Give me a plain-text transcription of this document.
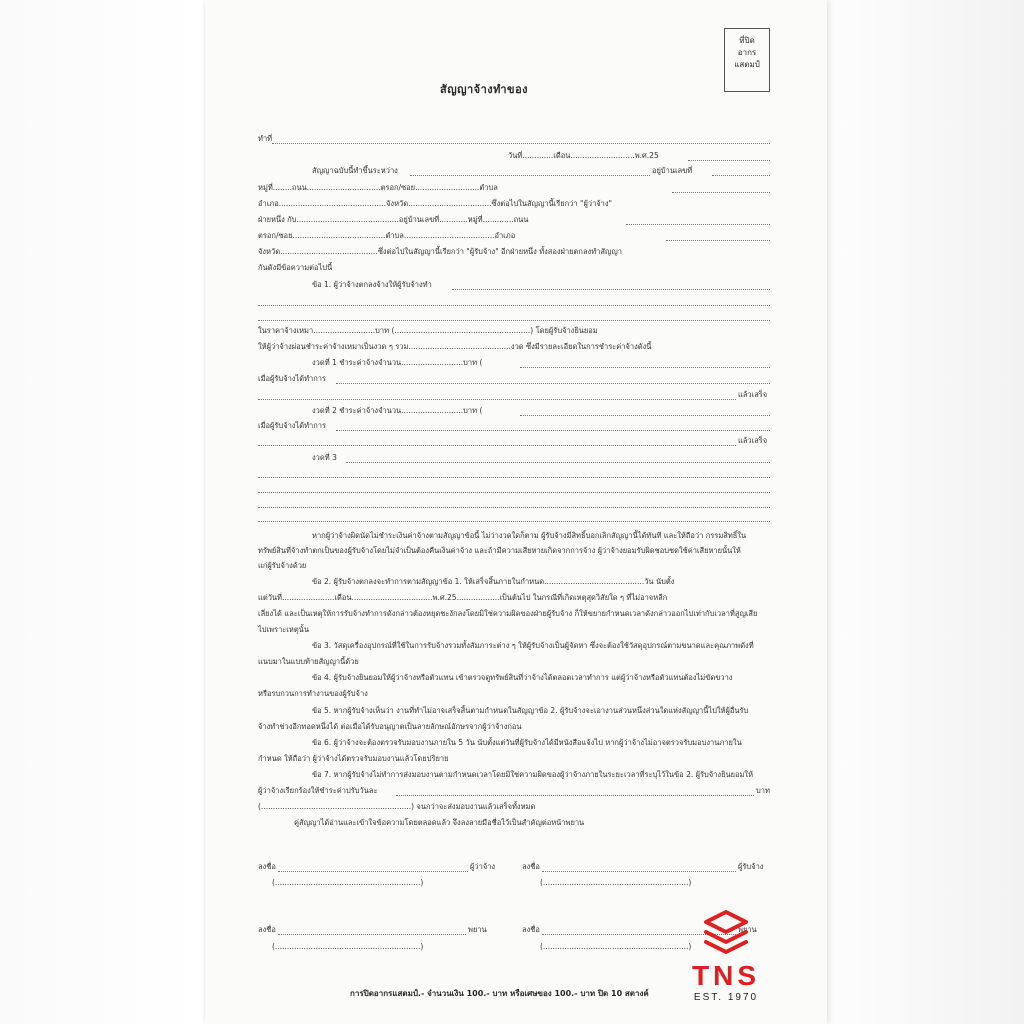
ที่ปิด
อากร
แสตมป์
สัญญาจ้างทำของ
ทำที่
วันที่.............เดือน...........................พ.ศ.25
สัญญาฉบับนี้ทำขึ้นระหว่าง	อยู่บ้านเลขที่
หมู่ที่........ถนน...............................ตรอก/ซอย...........................ตำบล
อำเภอ.............................................จังหวัด...................................ซึ่งต่อไปในสัญญานี้เรียกว่า "ผู้ว่าจ้าง"
ฝ่ายหนึ่ง กับ...........................................อยู่บ้านเลขที่............หมู่ที่.............ถนน
ตรอก/ซอย.......................................ตำบล......................................อำเภอ
จังหวัด.........................................ซึ่งต่อไปในสัญญานี้เรียกว่า "ผู้รับจ้าง" อีกฝ่ายหนึ่ง ทั้งสองฝ่ายตกลงทำสัญญา
กันดังมีข้อความต่อไปนี้
ข้อ 1. ผู้ว่าจ้างตกลงจ้างให้ผู้รับจ้างทำ
ในราคาจ้างเหมา..........................บาท (.........................................................) โดยผู้รับจ้างยินยอม
ให้ผู้ว่าจ้างผ่อนชำระค่าจ้างเหมาเป็นงวด ๆ รวม...........................................งวด ซึ่งมีรายละเอียดในการชำระค่าจ้างดังนี้
งวดที่ 1 ชำระค่าจ้างจำนวน..........................บาท (
เมื่อผู้รับจ้างได้ทำการ
แล้วเสร็จ
งวดที่ 2 ชำระค่าจ้างจำนวน..........................บาท (
เมื่อผู้รับจ้างได้ทำการ
แล้วเสร็จ
งวดที่ 3
หากผู้ว่าจ้างผิดนัดไม่ชำระเงินค่าจ้างตามสัญญาข้อนี้ ไม่ว่างวดใดก็ตาม ผู้รับจ้างมีสิทธิ์บอกเลิกสัญญานี้ได้ทันที และให้ถือว่า กรรมสิทธิ์ใน
ทรัพย์สินที่จ้างทำตกเป็นของผู้รับจ้างโดยไม่จำเป็นต้องคืนเงินค่าจ้าง และถ้ามีความเสียหายเกิดจากการจ้าง ผู้ว่าจ้างยอมรับผิดชอบชดใช้ค่าเสียหายนั้นให้
แก่ผู้รับจ้างด้วย
ข้อ 2. ผู้รับจ้างตกลงจะทำการตามสัญญาข้อ 1. ให้เสร็จสิ้นภายในกำหนด..........................................วัน นับตั้ง
แต่วันที่......................เดือน..................................พ.ศ.25..................เป็นต้นไป ในกรณีที่เกิดเหตุสุดวิสัยใด ๆ ที่ไม่อาจหลีก
เลี่ยงได้ และเป็นเหตุให้การรับจ้างทำการดังกล่าวต้องหยุดชะงักลงโดยมิใช่ความผิดของฝ่ายผู้รับจ้าง ก็ให้ขยายกำหนดเวลาดังกล่าวออกไปเท่ากับเวลาที่สูญเสีย
ไปเพราะเหตุนั้น
ข้อ 3. วัสดุเครื่องอุปกรณ์ที่ใช้ในการรับจ้างรวมทั้งสัมภาระต่าง ๆ ให้ผู้รับจ้างเป็นผู้จัดหา ซึ่งจะต้องใช้วัสดุอุปกรณ์ตามขนาดและคุณภาพดังที่
แนบมาในแบบท้ายสัญญานี้ด้วย
ข้อ 4. ผู้รับจ้างยินยอมให้ผู้ว่าจ้างหรือตัวแทน เข้าตรวจดูทรัพย์สินที่ว่าจ้างได้ตลอดเวลาทำการ แต่ผู้ว่าจ้างหรือตัวแทนต้องไม่ขัดขวาง
หรือรบกวนการทำงานของผู้รับจ้าง
ข้อ 5. หากผู้รับจ้างเห็นว่า งานที่ทำไม่อาจเสร็จสิ้นตามกำหนดในสัญญาข้อ 2. ผู้รับจ้างจะเอางานส่วนหนึ่งส่วนใดแห่งสัญญานี้ไปให้ผู้อื่นรับ
จ้างทำช่วงอีกทอดหนึ่งได้ ต่อเมื่อได้รับอนุญาตเป็นลายลักษณ์อักษรจากผู้ว่าจ้างก่อน
ข้อ 6. ผู้ว่าจ้างจะต้องตรวจรับมอบงานภายใน 5 วัน นับตั้งแต่วันที่ผู้รับจ้างได้มีหนังสือแจ้งไป หากผู้ว่าจ้างไม่อาจตรวจรับมอบงานภายใน
กำหนด ให้ถือว่า ผู้ว่าจ้างได้ตรวจรับมอบงานแล้วโดยปริยาย
ข้อ 7. หากผู้รับจ้างไม่ทำการส่งมอบงานตามกำหนดเวลาโดยมิใช่ความผิดของผู้ว่าจ้างภายในระยะเวลาที่ระบุไว้ในข้อ 2. ผู้รับจ้างยินยอมให้
ผู้ว่าจ้างเรียกร้องให้ชำระค่าปรับวันละ	บาท
(...............................................................) จนกว่าจะส่งมอบงานแล้วเสร็จทั้งหมด
คู่สัญญาได้อ่านและเข้าใจข้อความโดยตลอดแล้ว จึงลงลายมือชื่อไว้เป็นสำคัญต่อหน้าพยาน
ลงชื่อ	ผู้ว่าจ้าง
(.............................................................)
ลงชื่อ	ผู้รับจ้าง
(.............................................................)
ลงชื่อ	พยาน
(.............................................................)
ลงชื่อ	พยาน
(.............................................................)
การปิดอากรแสตมป์.- จำนวนเงิน 100.- บาท หรือเศษของ 100.- บาท ปิด 10 สตางค์
TNS
EST. 1970
